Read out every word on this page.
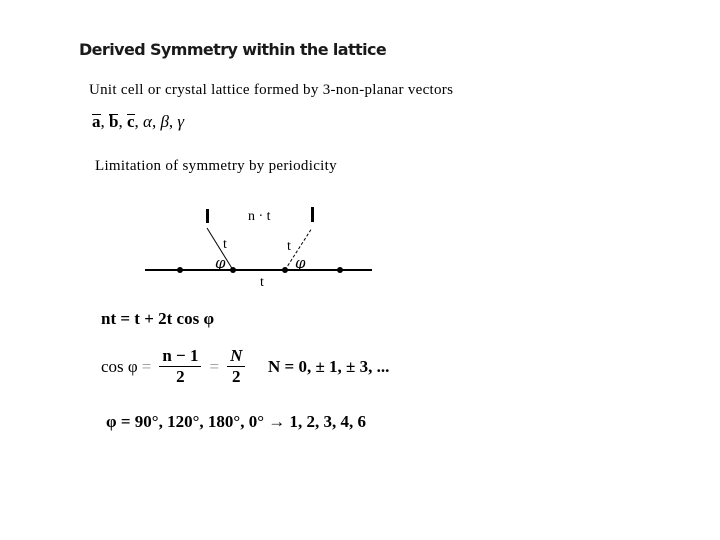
Derived Symmetry within the lattice
Unit cell or crystal lattice formed by 3-non-planar vectors
a, b, c, α, β, γ
Limitation of symmetry by periodicity
n · t
t	t
t
φ	φ
nt = t + 2t cos φ
$\cos \varphi = \frac{n - 1}{2} = \frac{N}{2}$ N = 0, ± 1, ± 3, ...
φ = 90°, 120°, 180°, 0° → 1, 2, 3, 4, 6
